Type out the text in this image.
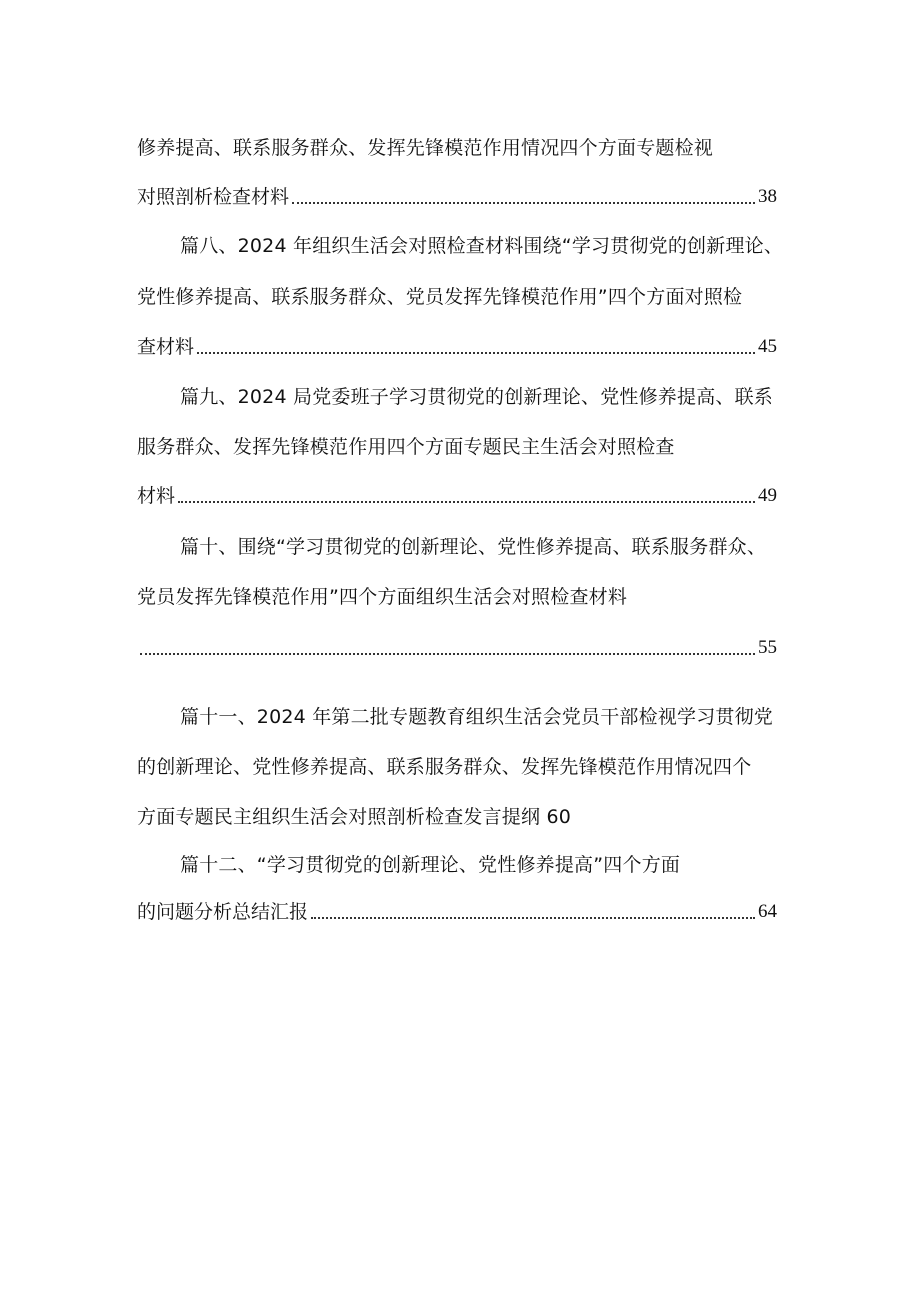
修养提高、联系服务群众、发挥先锋模范作用情况四个方面专题检视
对照剖析检查材料	38
篇八、2024 年组织生活会对照检查材料围绕“学习贯彻党的创新理论、
党性修养提高、联系服务群众、党员发挥先锋模范作用”四个方面对照检
查材料	45
篇九、2024 局党委班子学习贯彻党的创新理论、党性修养提高、联系
服务群众、发挥先锋模范作用四个方面专题民主生活会对照检查
材料	49
篇十、围绕“学习贯彻党的创新理论、党性修养提高、联系服务群众、
党员发挥先锋模范作用”四个方面组织生活会对照检查材料
55
篇十一、2024 年第二批专题教育组织生活会党员干部检视学习贯彻党
的创新理论、党性修养提高、联系服务群众、发挥先锋模范作用情况四个
方面专题民主组织生活会对照剖析检查发言提纲 60
篇十二、“学习贯彻党的创新理论、党性修养提高”四个方面
的问题分析总结汇报	64
